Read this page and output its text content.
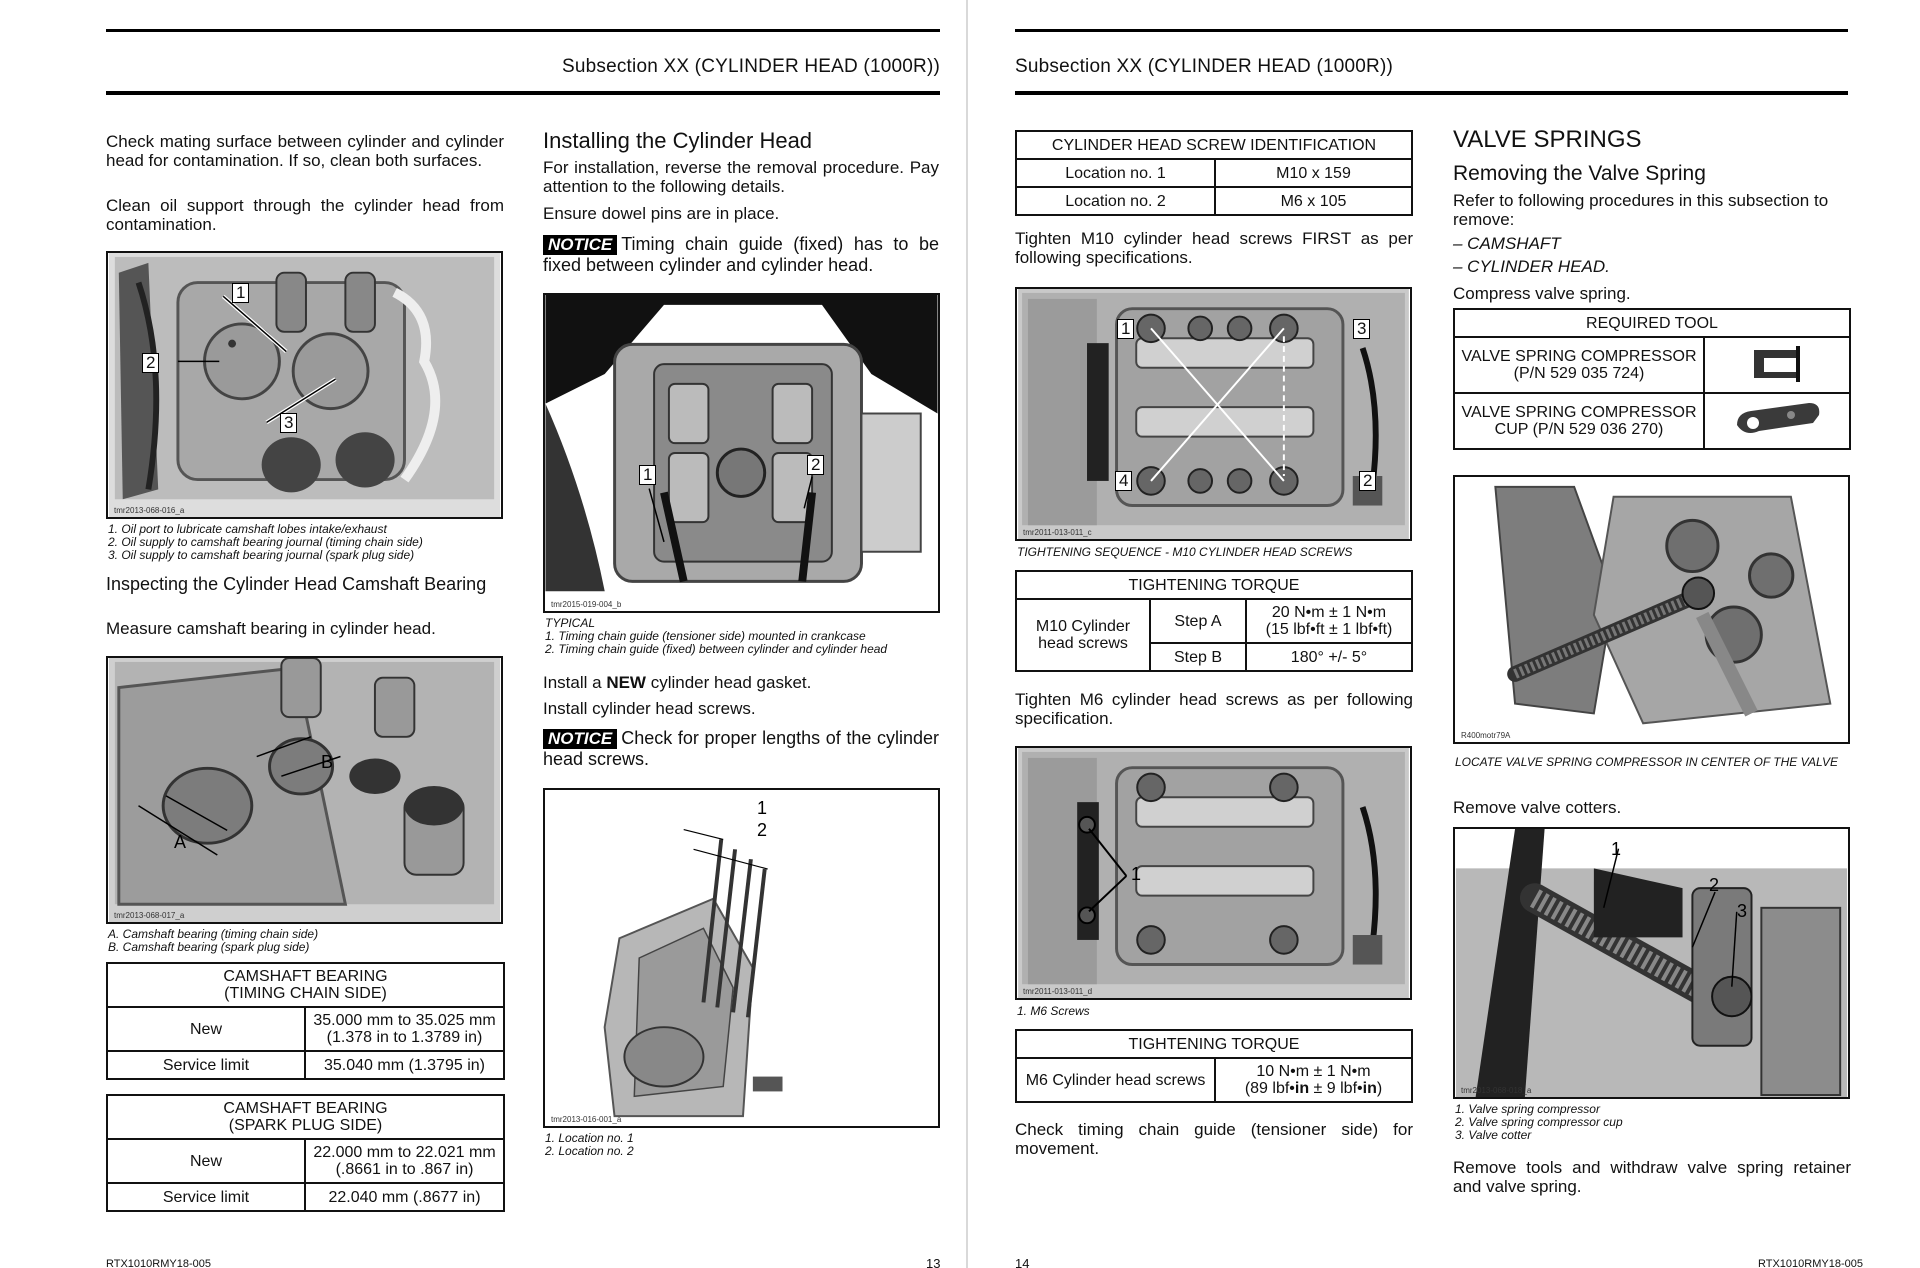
Subsection XX (CYLINDER HEAD (1000R))
Check mating surface between cylinder and cylinder head for contamination. If so, clean both surfaces.
Clean oil support through the cylinder head from contamination.
1
2
3
tmr2013-068-016_a
1. Oil port to lubricate camshaft lobes intake/exhaust
2. Oil supply to camshaft bearing journal (timing chain side)
3. Oil supply to camshaft bearing journal (spark plug side)
Inspecting the Cylinder Head Camshaft Bearing
Measure camshaft bearing in cylinder head.
A
B
tmr2013-068-017_a
A. Camshaft bearing (timing chain side)
B. Camshaft bearing (spark plug side)
CAMSHAFT BEARING
(TIMING CHAIN SIDE)	
New	35.000 mm to 35.025 mm
(1.378 in to 1.3789 in)
Service limit	35.040 mm (1.3795 in)
CAMSHAFT BEARING
(SPARK PLUG SIDE)	
New	22.000 mm to 22.021 mm
(.8661 in to .867 in)
Service limit	22.040 mm (.8677 in)
Installing the Cylinder Head
For installation, reverse the removal procedure. Pay attention to the following details.
Ensure dowel pins are in place.
NOTICE Timing chain guide (fixed) has to be fixed between cylinder and cylinder head.
1
2
tmr2015-019-004_b
TYPICAL
1. Timing chain guide (tensioner side) mounted in crankcase
2. Timing chain guide (fixed) between cylinder and cylinder head
Install a NEW cylinder head gasket.
Install cylinder head screws.
NOTICE Check for proper lengths of the cylinder head screws.
1
2
tmr2013-016-001_a
1. Location no. 1
2. Location no. 2
RTX1010RMY18-005	13
Subsection XX (CYLINDER HEAD (1000R))
CYLINDER HEAD SCREW IDENTIFICATION	
Location no. 1	M10 x 159
Location no. 2	M6 x 105
Tighten M10 cylinder head screws FIRST as per following specifications.
1
2
3
4
tmr2011-013-011_c
TIGHTENING SEQUENCE - M10 CYLINDER HEAD SCREWS
TIGHTENING TORQUE		
M10 Cylinder head screws	Step A	20 N•m ± 1 N•m
(15 lbf•ft ± 1 lbf•ft)
	Step B	180° +/- 5°
Tighten M6 cylinder head screws as per following specification.
1
tmr2011-013-011_d
1. M6 Screws
TIGHTENING TORQUE
M6 Cylinder head screws	10 N•m ± 1 N•m
(89 lbf•in ± 9 lbf•in)
Check timing chain guide (tensioner side) for movement.
VALVE SPRINGS
Removing the Valve Spring
Refer to following procedures in this subsection to remove:
– CAMSHAFT
– CYLINDER HEAD.
Compress valve spring.
REQUIRED TOOL	
VALVE SPRING COMPRESSOR
(P/N 529 035 724)	
VALVE SPRING COMPRESSOR
CUP (P/N 529 036 270)	
R400motr79A
LOCATE VALVE SPRING COMPRESSOR IN CENTER OF THE VALVE
Remove valve cotters.
1
2
3
tmr2013-068-018_a
1. Valve spring compressor
2. Valve spring compressor cup
3. Valve cotter
Remove tools and withdraw valve spring retainer and valve spring.
14	RTX1010RMY18-005
